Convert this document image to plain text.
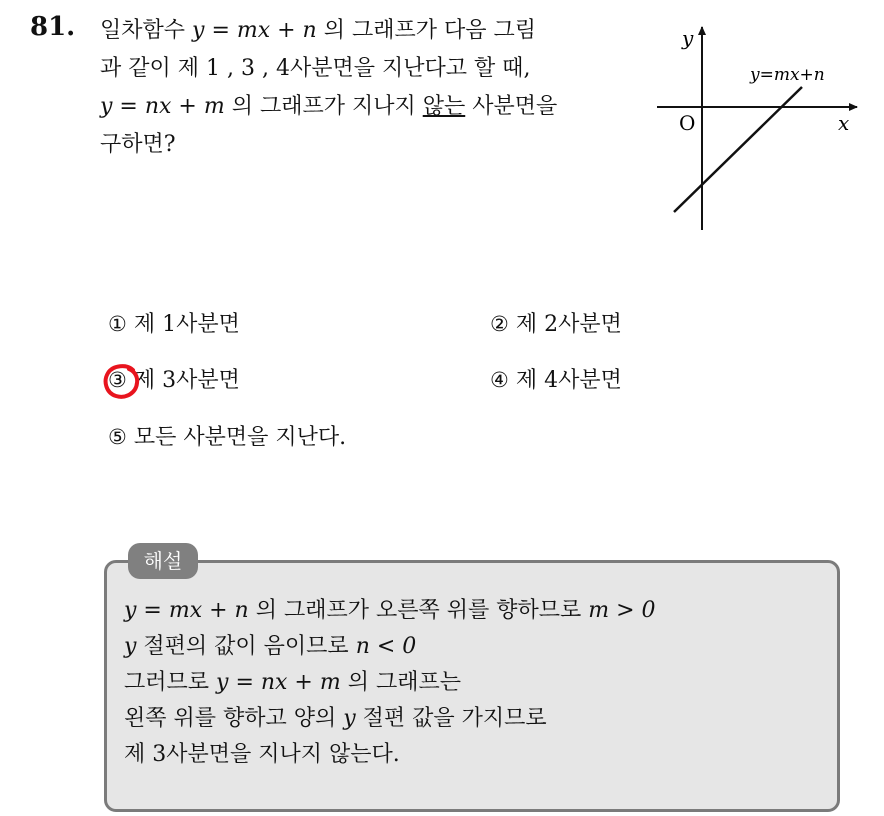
81. 일차함수 y = mx + n 의 그래프가 다음 그림
과 같이 제 1 , 3 , 4사분면을 지난다고 할 때,
y = nx + m 의 그래프가 지나지 않는 사분면을
구하면?
y
x
O
y=mx+n
① 제 1사분면	② 제 2사분면
③ 제 3사분면	④ 제 4사분면
⑤ 모든 사분면을 지난다.
해설
y = mx + n 의 그래프가 오른쪽 위를 향하므로 m > 0
y 절편의 값이 음이므로 n < 0
그러므로 y = nx + m 의 그래프는
왼쪽 위를 향하고 양의 y 절편 값을 가지므로
제 3사분면을 지나지 않는다.
